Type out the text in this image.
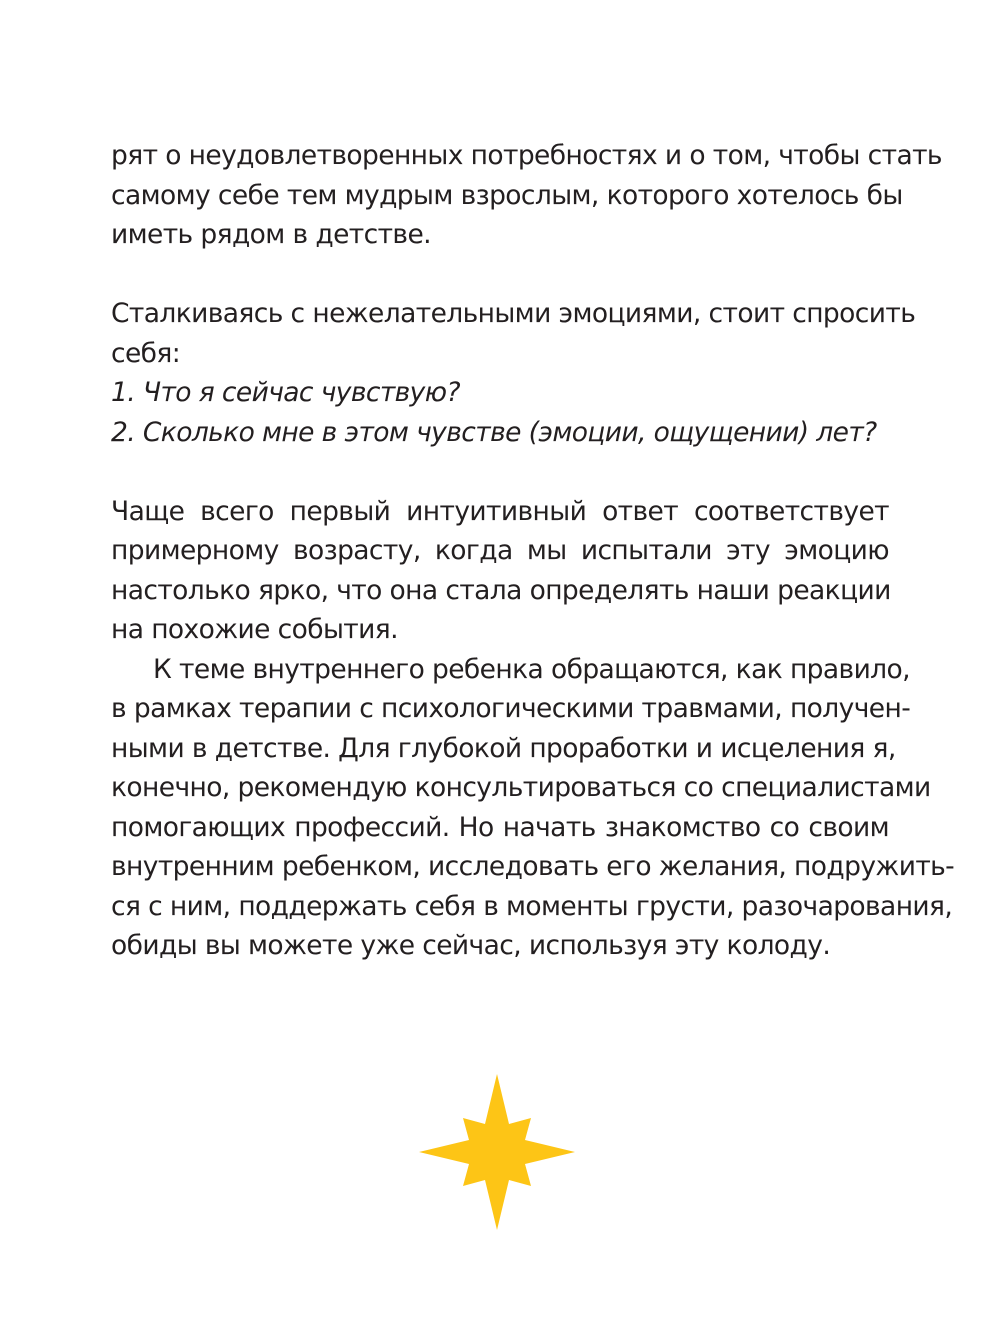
рят о неудовлетворенных потребностях и о том, чтобы стать
самому себе тем мудрым взрослым, которого хотелось бы
иметь рядом в детстве.
Сталкиваясь с нежелательными эмоциями, стоит спросить
себя:
1. Что я сейчас чувствую?
2. Сколько мне в этом чувстве (эмоции, ощущении) лет?
Чаще всего первый интуитивный ответ соответствует
примерному возрасту, когда мы испытали эту эмоцию
настолько ярко, что она стала определять наши реакции
на похожие события.
К теме внутреннего ребенка обращаются, как правило,
в рамках терапии с психологическими травмами, получен-
ными в детстве. Для глубокой проработки и исцеления я,
конечно, рекомендую консультироваться со специалистами
помогающих профессий. Но начать знакомство со своим
внутренним ребенком, исследовать его желания, подружить-
ся с ним, поддержать себя в моменты грусти, разочарования,
обиды вы можете уже сейчас, используя эту колоду.
